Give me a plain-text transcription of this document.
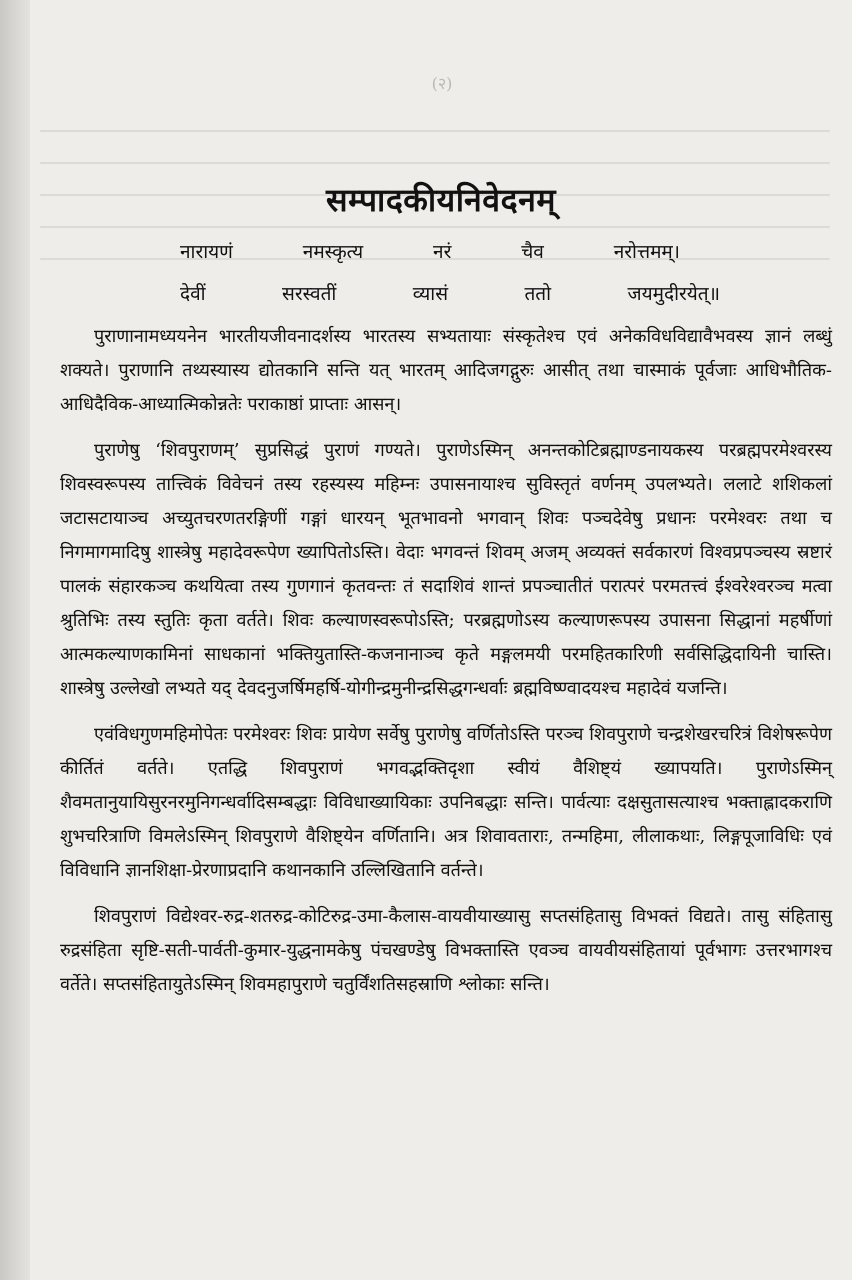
(२)
सम्पादकीयनिवेदनम्
नारायणं नमस्कृत्य नरं चैव नरोत्तमम्।
देवीं सरस्वतीं व्यासं ततो जयमुदीरयेत्॥

पुराणानामध्ययनेन भारतीयजीवनादर्शस्य भारतस्य सभ्यतायाः संस्कृतेश्च एवं अनेकविधविद्यावैभवस्य ज्ञानं लब्धुं शक्यते। पुराणानि तथ्यस्यास्य द्योतकानि सन्ति यत् भारतम् आदिजगद्गुरुः आसीत् तथा चास्माकं पूर्वजाः आधिभौतिक-आधिदैविक-आध्यात्मिकोन्नतेः पराकाष्ठां प्राप्ताः आसन्।

पुराणेषु ‘शिवपुराणम्’ सुप्रसिद्धं पुराणं गण्यते। पुराणेऽस्मिन् अनन्तकोटिब्रह्माण्डनायकस्य परब्रह्मपरमेश्वरस्य शिवस्वरूपस्य तात्त्विकं विवेचनं तस्य रहस्यस्य महिम्नः उपासनायाश्च सुविस्तृतं वर्णनम् उपलभ्यते। ललाटे शशिकलां जटासटायाञ्च अच्युतचरणतरङ्गिणीं गङ्गां धारयन् भूतभावनो भगवान् शिवः पञ्चदेवेषु प्रधानः परमेश्वरः तथा च निगमागमादिषु शास्त्रेषु महादेवरूपेण ख्यापितोऽस्ति। वेदाः भगवन्तं शिवम् अजम् अव्यक्तं सर्वकारणं विश्वप्रपञ्चस्य स्रष्टारं पालकं संहारकञ्च कथयित्वा तस्य गुणगानं कृतवन्तः तं सदाशिवं शान्तं प्रपञ्चातीतं परात्परं परमतत्त्वं ईश्वरेश्वरञ्च मत्वा श्रुतिभिः तस्य स्तुतिः कृता वर्तते। शिवः कल्याणस्वरूपोऽस्ति; परब्रह्मणोऽस्य कल्याणरूपस्य उपासना सिद्धानां महर्षीणां आत्मकल्याणकामिनां साधकानां भक्तियुतास्ति-कजनानाञ्च कृते मङ्गलमयी परमहितकारिणी सर्वसिद्धिदायिनी चास्ति। शास्त्रेषु उल्लेखो लभ्यते यद् देवदनुजर्षिमहर्षि-योगीन्द्रमुनीन्द्रसिद्धगन्धर्वाः ब्रह्मविष्ण्वादयश्च महादेवं यजन्ति।

एवंविधगुणमहिमोपेतः परमेश्वरः शिवः प्रायेण सर्वेषु पुराणेषु वर्णितोऽस्ति परञ्च शिवपुराणे चन्द्रशेखरचरित्रं विशेषरूपेण कीर्तितं वर्तते। एतद्धि शिवपुराणं भगवद्भक्तिदृशा स्वीयं वैशिष्ट्यं ख्यापयति। पुराणेऽस्मिन् शैवमतानुयायिसुरनरमुनिगन्धर्वादिसम्बद्धाः विविधाख्यायिकाः उपनिबद्धाः सन्ति। पार्वत्याः दक्षसुतासत्याश्च भक्ताह्लादकराणि शुभचरित्राणि विमलेऽस्मिन् शिवपुराणे वैशिष्ट्येन वर्णितानि। अत्र शिवावताराः, तन्महिमा, लीलाकथाः, लिङ्गपूजाविधिः एवं विविधानि ज्ञानशिक्षा-प्रेरणाप्रदानि कथानकानि उल्लिखितानि वर्तन्ते।

शिवपुराणं विद्येश्वर-रुद्र-शतरुद्र-कोटिरुद्र-उमा-कैलास-वायवीयाख्यासु सप्तसंहितासु विभक्तं विद्यते। तासु संहितासु रुद्रसंहिता सृष्टि-सती-पार्वती-कुमार-युद्धनामकेषु पंचखण्डेषु विभक्तास्ति एवञ्च वायवीयसंहितायां पूर्वभागः उत्तरभागश्च वर्तेते। सप्तसंहितायुतेऽस्मिन् शिवमहापुराणे चतुर्विंशतिसहस्राणि श्लोकाः सन्ति।
